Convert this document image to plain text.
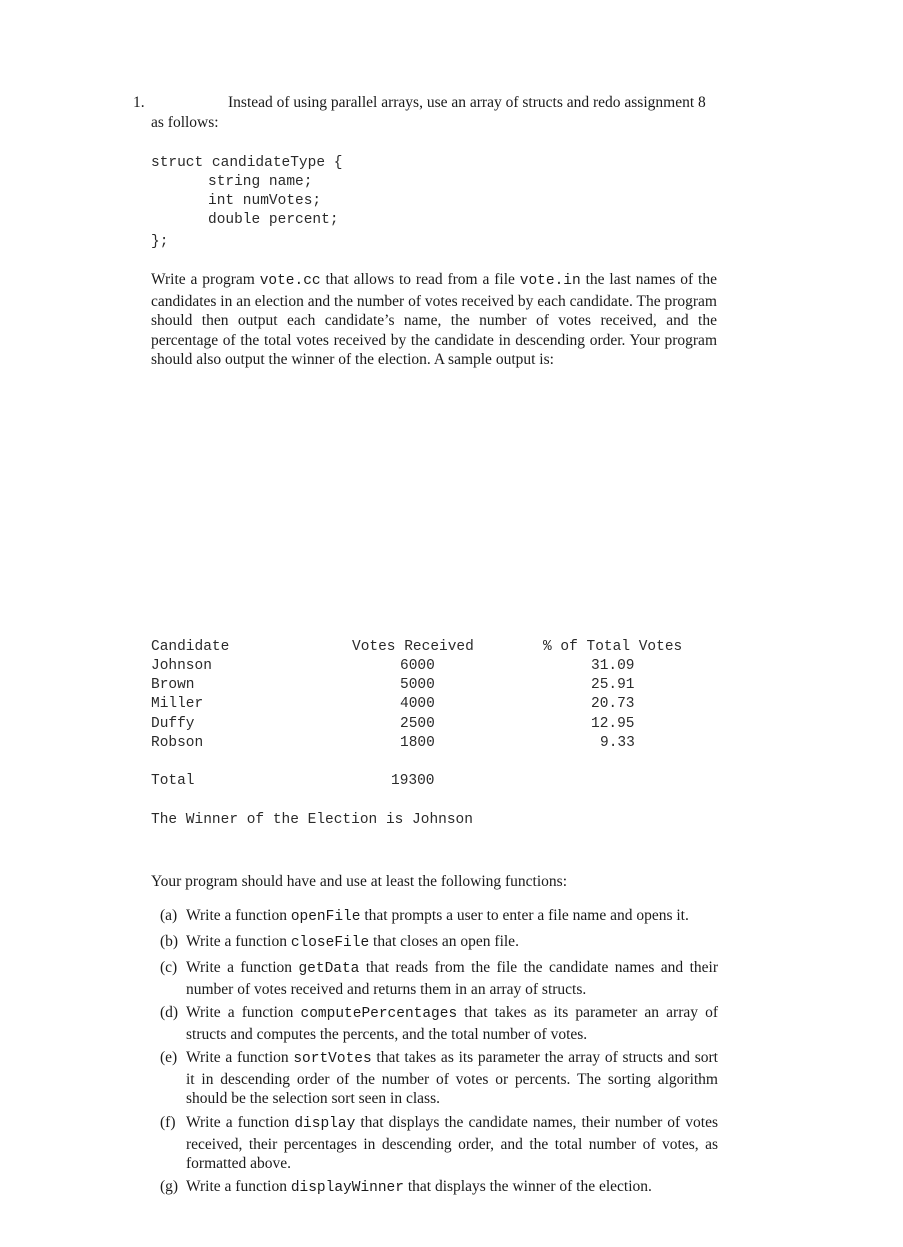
1.	Instead of using parallel arrays, use an array of structs and redo assignment 8
as follows:
struct candidateType {
string name;
int numVotes;
double percent;
};
Write a program vote.cc that allows to read from a file vote.in the last names of the candidates in an election and the number of votes received by each candidate. The program should then output each candidate’s name, the number of votes received, and the percentage of the total votes received by the candidate in descending order. Your program should also output the winner of the election. A sample output is:
Candidate	Votes Received	% of Total Votes
Johnson	6000	31.09
Brown	5000	25.91
Miller	4000	20.73
Duffy	2500	12.95
Robson	1800	9.33
Total	19300
The Winner of the Election is Johnson
Your program should have and use at least the following functions:
(a) Write a function openFile that prompts a user to enter a file name and opens it.
(b) Write a function closeFile that closes an open file.
(c) Write a function getData that reads from the file the candidate names and their number of votes received and returns them in an array of structs.
(d) Write a function computePercentages that takes as its parameter an array of structs and computes the percents, and the total number of votes.
(e) Write a function sortVotes that takes as its parameter the array of structs and sort it in descending order of the number of votes or percents. The sorting algorithm should be the selection sort seen in class.
(f) Write a function display that displays the candidate names, their number of votes received, their percentages in descending order, and the total number of votes, as formatted above.
(g) Write a function displayWinner that displays the winner of the election.
